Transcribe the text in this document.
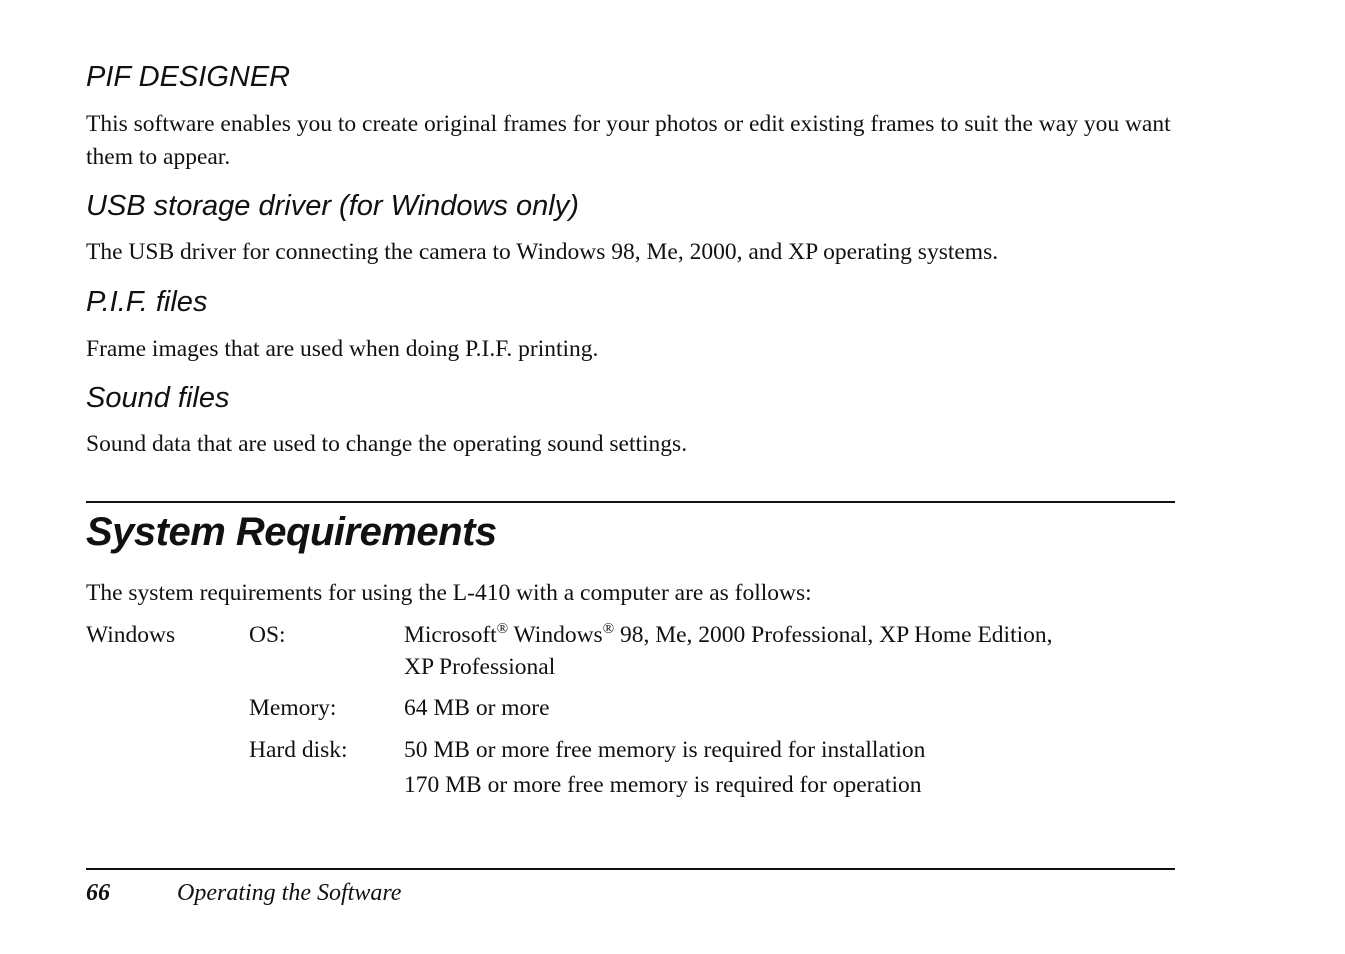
PIF DESIGNER

This software enables you to create original frames for your photos or edit existing frames to suit the way you want them to appear.

USB storage driver (for Windows only)

The USB driver for connecting the camera to Windows 98, Me, 2000, and XP operating systems.

P.I.F. files

Frame images that are used when doing P.I.F. printing.

Sound files

Sound data that are used to change the operating sound settings.

System Requirements

The system requirements for using the L-410 with a computer are as follows:

Windows	OS:	Microsoft® Windows® 98, Me, 2000 Professional, XP Home Edition,
XP Professional
Memory:	64 MB or more
Hard disk: 50 MB or more free memory is required for installation
170 MB or more free memory is required for operation
66	Operating the Software
